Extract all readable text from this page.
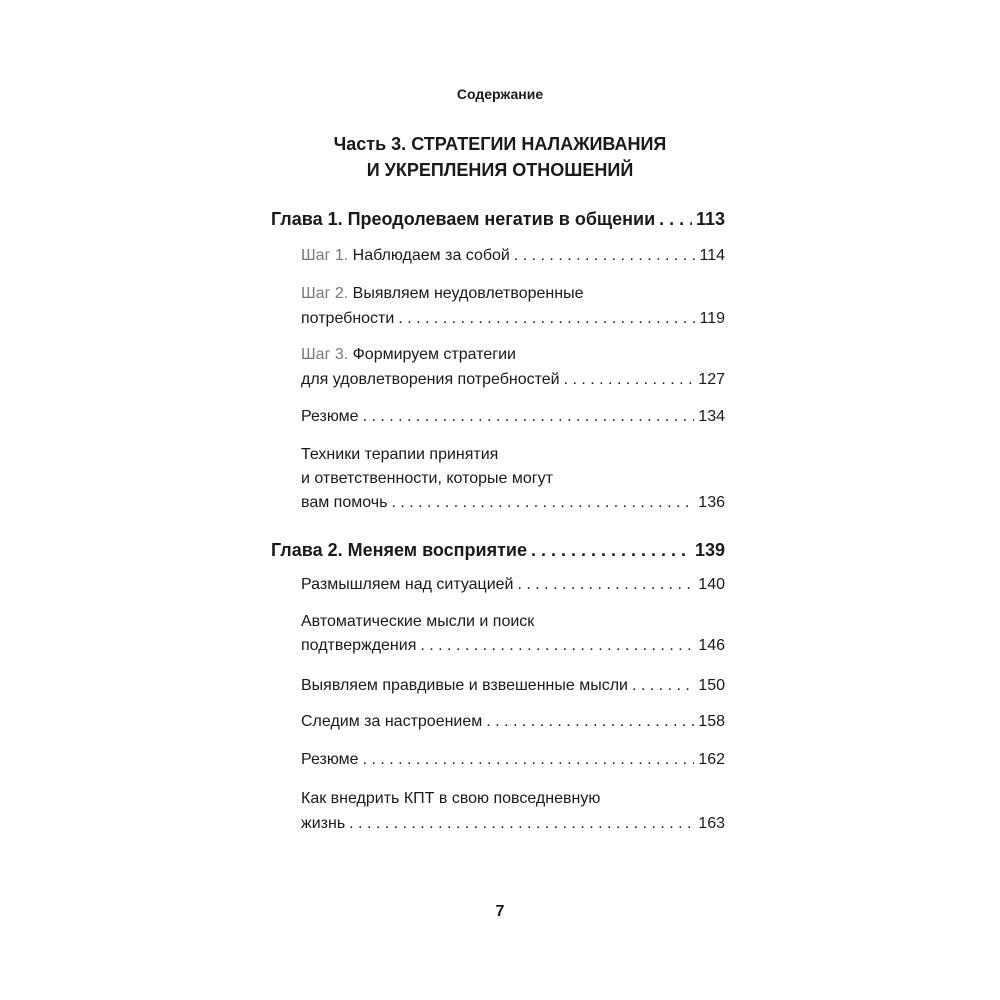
Содержание
Часть 3. СТРАТЕГИИ НАЛАЖИВАНИЯ
И УКРЕПЛЕНИЯ ОТНОШЕНИЙ
Глава 1. Преодолеваем негатив в общении . . . 113
Шаг 1. Наблюдаем за собой . . .	114
Шаг 2. Выявляем неудовлетворенные
потребности . . .	119
Шаг 3. Формируем стратегии
для удовлетворения потребностей . . .	127
Резюме . . .	134
Техники терапии принятия
и ответственности, которые могут
вам помочь . . .	136
Глава 2. Меняем восприятие . . .	139
Размышляем над ситуацией . . .	140
Автоматические мысли и поиск
подтверждения . . .	146
Выявляем правдивые и взвешенные мысли . . .	150
Следим за настроением . . .	158
Резюме . . .	162
Как внедрить КПТ в свою повседневную
жизнь . . .	163
7
